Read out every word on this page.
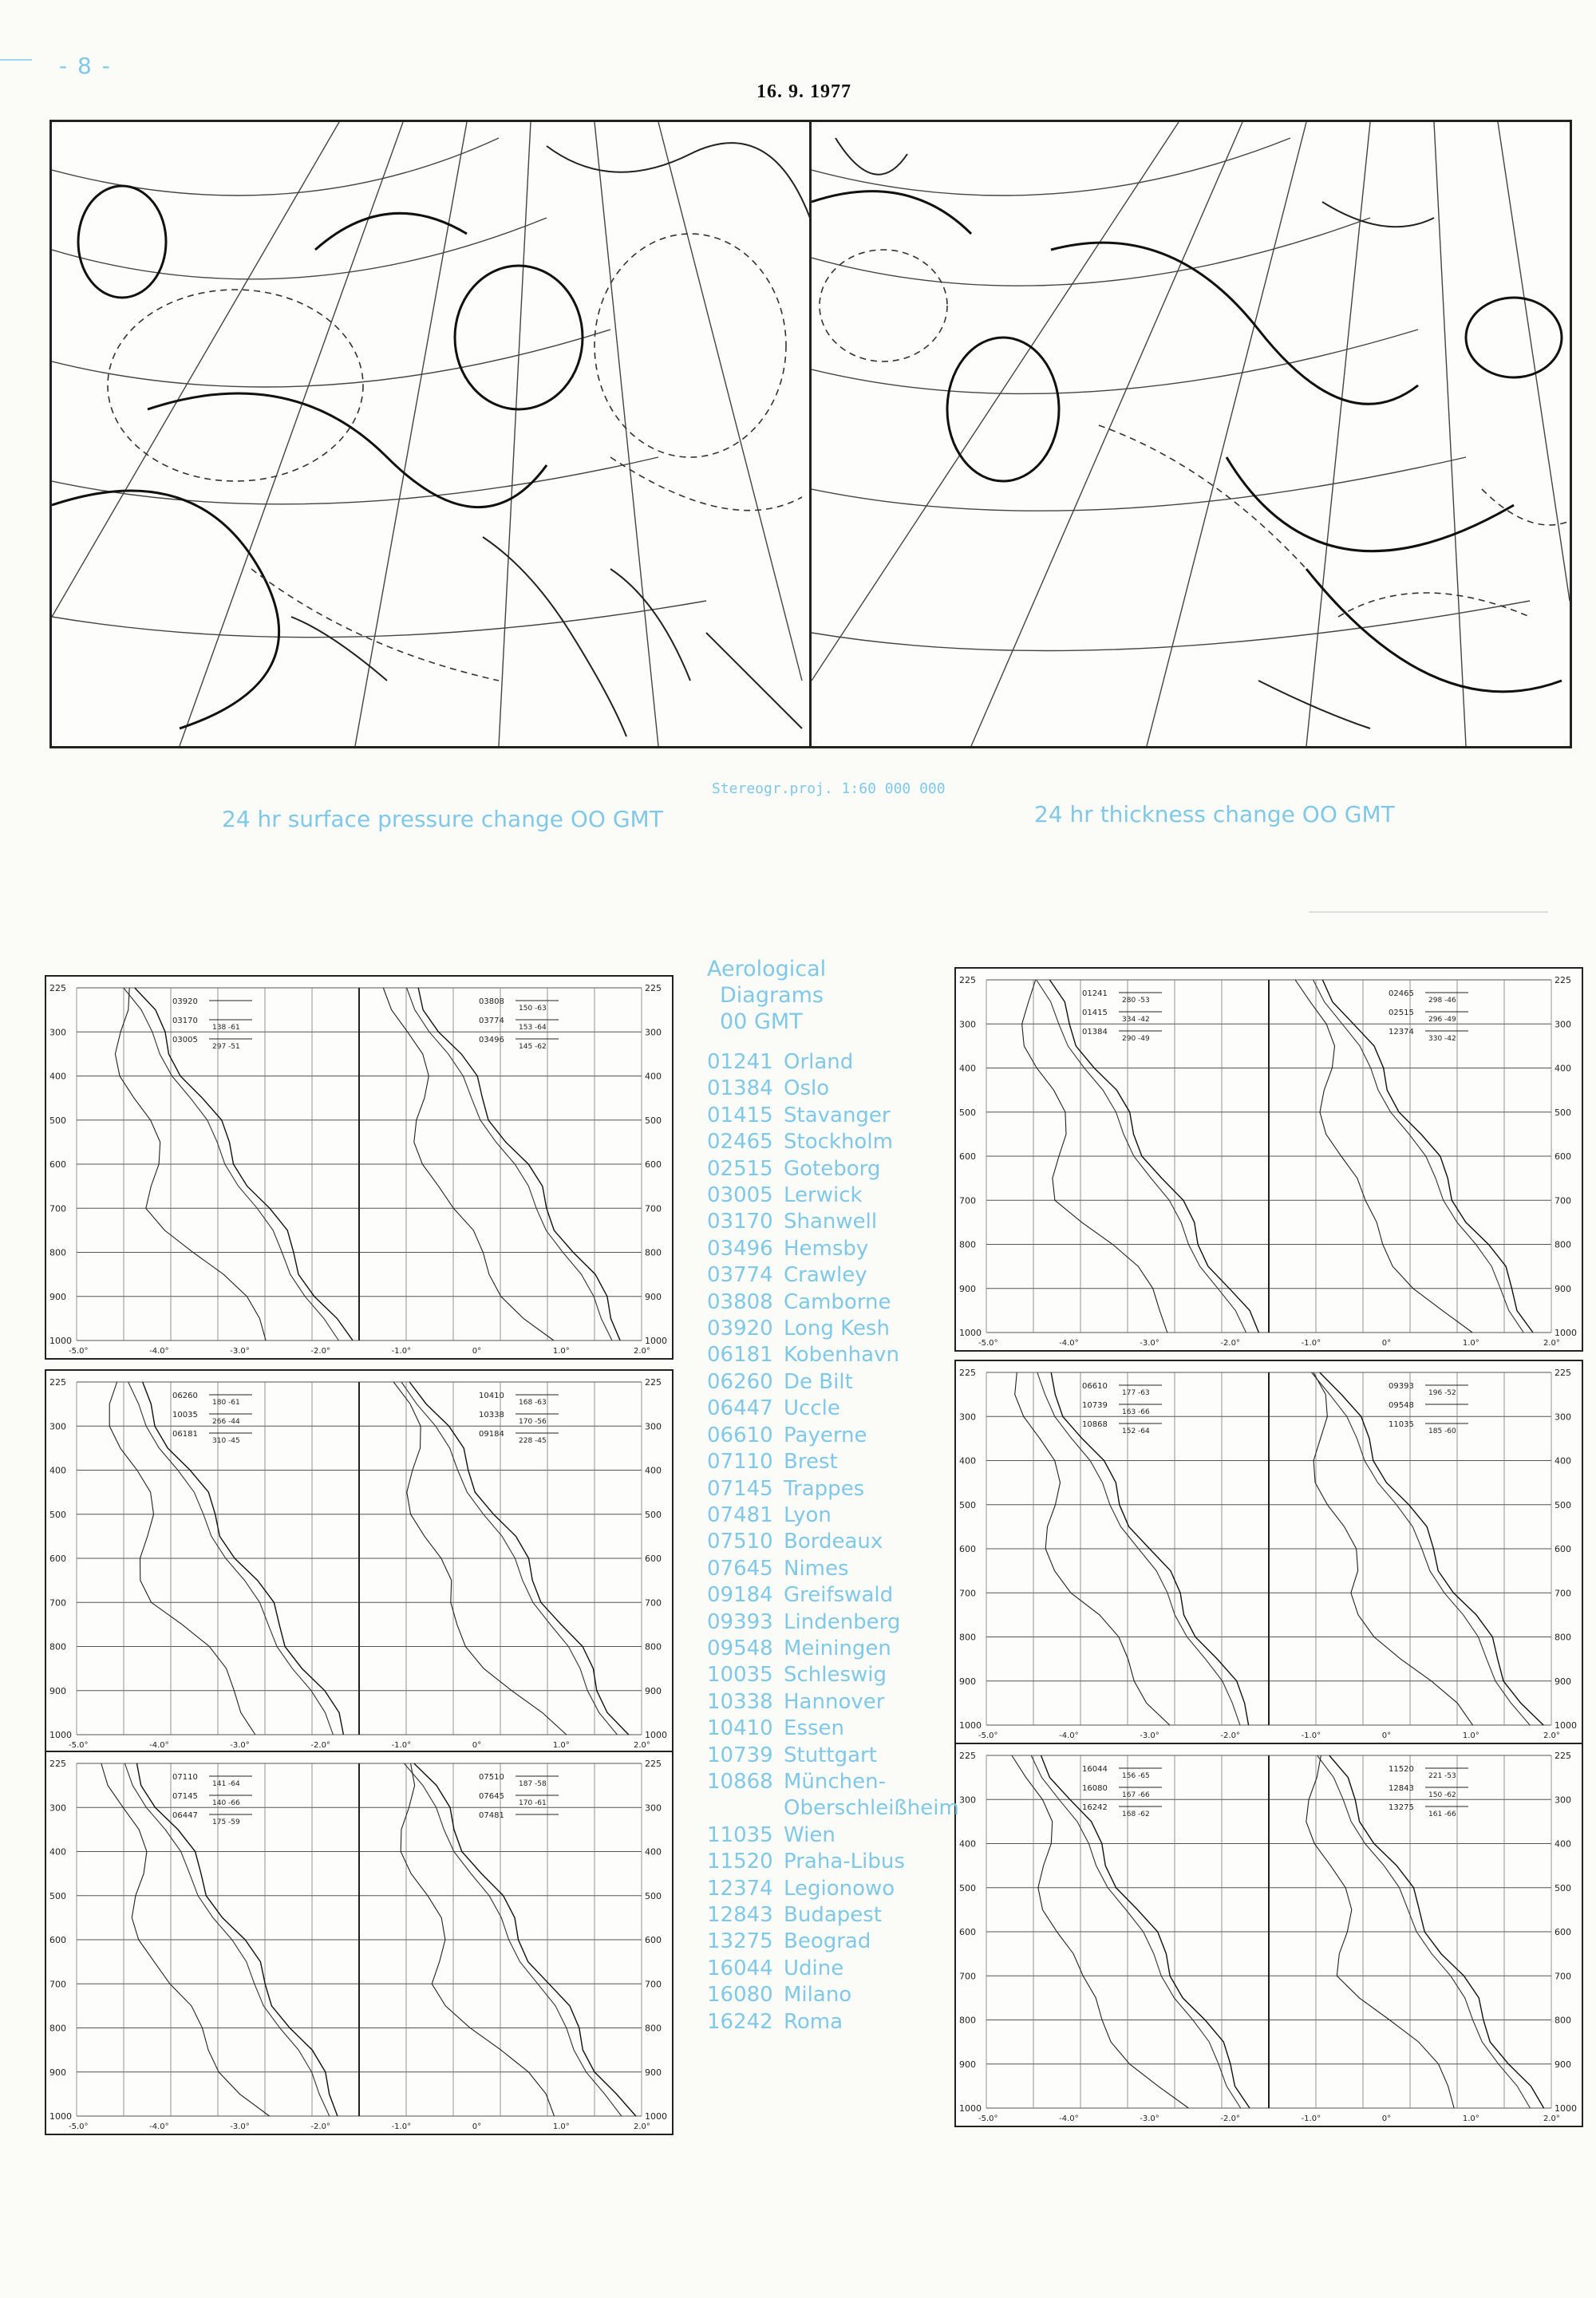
- 8 -
16. 9. 1977
24 hr surface pressure change OO GMT
Stereogr.proj. 1:60 000 000
24 hr thickness change OO GMT
225	225
300	300
400	400
500	500
600	600
700	700
800	800
900	900
1000	1000
-5.0°	-4.0°	-3.0°	-2.0°	-1.0°	0°	1.0°	2.0°
03920
03170
138 -61
03005
297 -51
03808
150 -63
03774
153 -64
03496
145 -62
225	225
300	300
400	400
500	500
600	600
700	700
800	800
900	900
1000	1000
-5.0°	-4.0°	-3.0°	-2.0°	-1.0°	0°	1.0°	2.0°
01241
280 -53
01415
334 -42
01384
290 -49
02465
298 -46
02515
296 -49
12374
330 -42
225	225
300	300
400	400
500	500
600	600
700	700
800	800
900	900
1000	1000
-5.0°	-4.0°	-3.0°	-2.0°	-1.0°	0°	1.0°	2.0°
06260
180 -61
10035
266 -44
06181
310 -45
10410
168 -63
10338
170 -56
09184
228 -45
225	225
300	300
400	400
500	500
600	600
700	700
800	800
900	900
1000	1000
-5.0°	-4.0°	-3.0°	-2.0°	-1.0°	0°	1.0°	2.0°
06610
177 -63
10739
163 -66
10868
152 -64
09393
196 -52
09548
11035
185 -60
225	225
300	300
400	400
500	500
600	600
700	700
800	800
900	900
1000	1000
-5.0°	-4.0°	-3.0°	-2.0°	-1.0°	0°	1.0°	2.0°
07110
141 -64
07145
140 -66
06447
175 -59
07510
187 -58
07645
170 -61
07481
225	225
300	300
400	400
500	500
600	600
700	700
800	800
900	900
1000	1000
-5.0°	-4.0°	-3.0°	-2.0°	-1.0°	0°	1.0°	2.0°
16044
156 -65
16080
167 -66
16242
168 -62
11520
221 -53
12843
150 -62
13275
161 -66
Aerological
Diagrams
00 GMT
01241 Orland
01384 Oslo
01415 Stavanger
02465 Stockholm
02515 Goteborg
03005 Lerwick
03170 Shanwell
03496 Hemsby
03774 Crawley
03808 Camborne
03920 Long Kesh
06181 Kobenhavn
06260 De Bilt
06447 Uccle
06610 Payerne
07110 Brest
07145 Trappes
07481 Lyon
07510 Bordeaux
07645 Nimes
09184 Greifswald
09393 Lindenberg
09548 Meiningen
10035 Schleswig
10338 Hannover
10410 Essen
10739 Stuttgart
10868 München-
Oberschleißheim
11035 Wien
11520 Praha-Libus
12374 Legionowo
12843 Budapest
13275 Beograd
16044 Udine
16080 Milano
16242 Roma
